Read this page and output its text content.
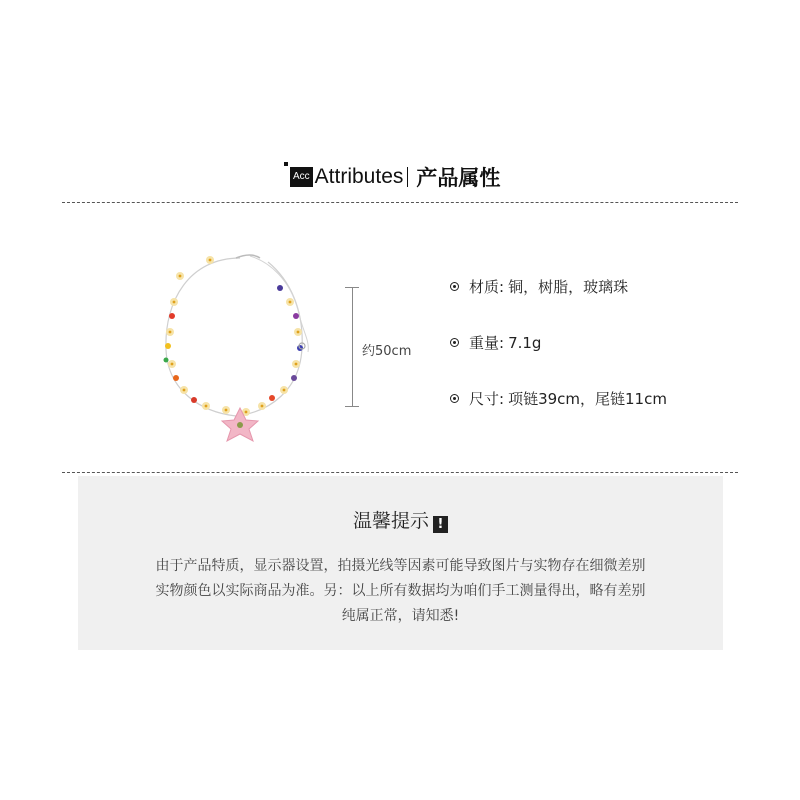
Acc Attributes 产品属性
约50cm
材质: 铜，树脂，玻璃珠
重量: 7.1g
尺寸: 项链39cm，尾链11cm
温馨提示 !
由于产品特质，显示器设置，拍摄光线等因素可能导致图片与实物存在细微差别
实物颜色以实际商品为准。另：以上所有数据均为咱们手工测量得出，略有差别
纯属正常，请知悉!
